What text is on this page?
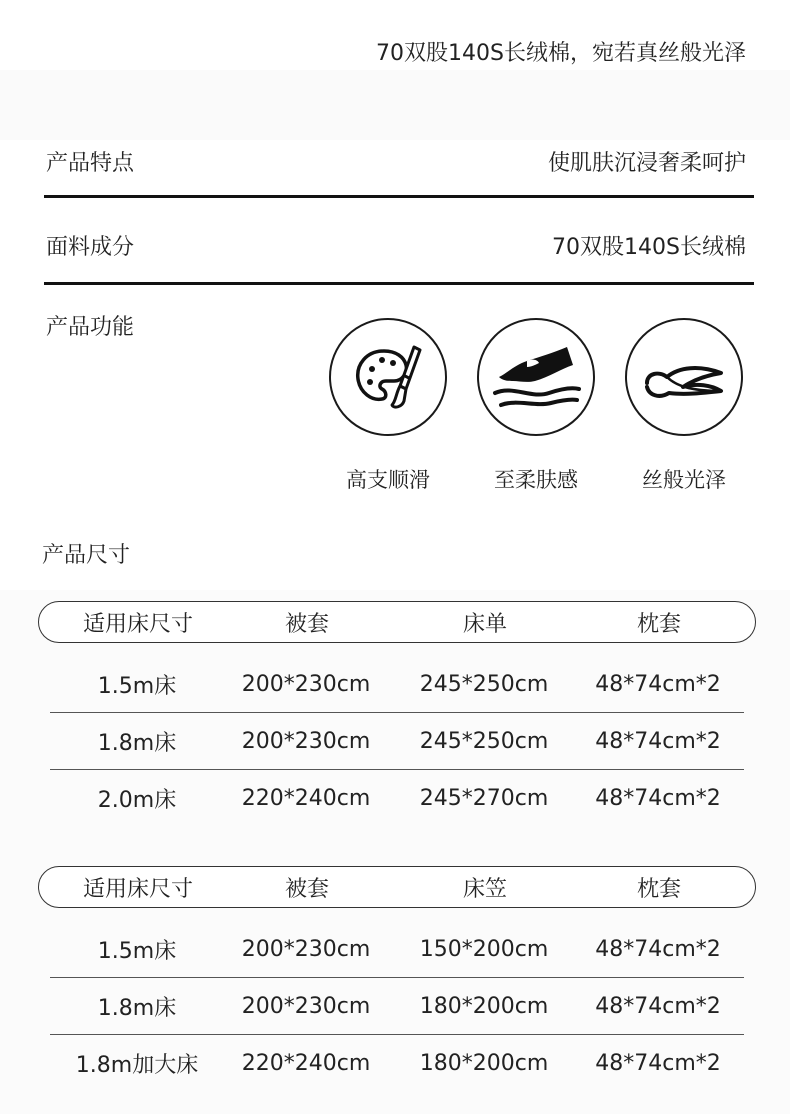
70双股140S长绒棉，宛若真丝般光泽
产品特点	使肌肤沉浸奢柔呵护
面料成分	70双股140S长绒棉
产品功能
高支顺滑	至柔肤感	丝般光泽
产品尺寸
适用床尺寸	被套	床单	枕套
1.5m床	200*230cm	245*250cm	48*74cm*2
1.8m床	200*230cm	245*250cm	48*74cm*2
2.0m床	220*240cm	245*270cm	48*74cm*2
适用床尺寸	被套	床笠	枕套
1.5m床	200*230cm	150*200cm	48*74cm*2
1.8m床	200*230cm	180*200cm	48*74cm*2
1.8m加大床	220*240cm	180*200cm	48*74cm*2
